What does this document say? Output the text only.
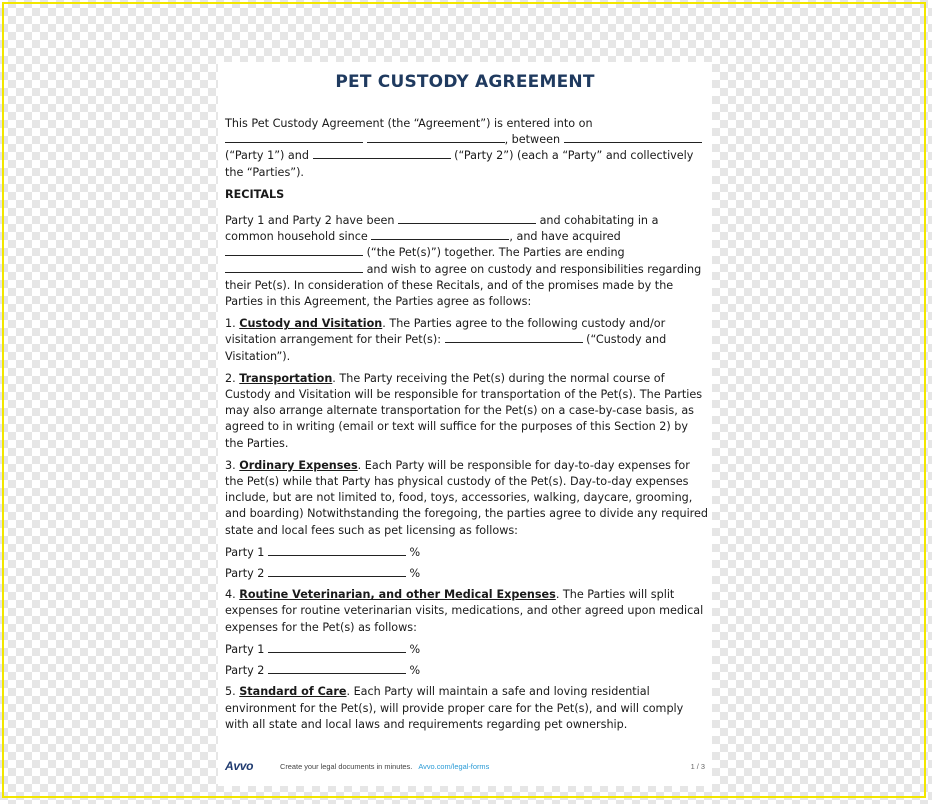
PET CUSTODY AGREEMENT

This Pet Custody Agreement (the “Agreement”) is entered into on  , between  (“Party 1”) and	(“Party 2”) (each a “Party” and collectively the “Parties”).

RECITALS

Party 1 and Party 2 have been	and cohabitating in a common household since	, and have acquired  (“the Pet(s)”) together. The Parties are ending  and wish to agree on custody and responsibilities regarding their Pet(s). In consideration of these Recitals, and of the promises made by the Parties in this Agreement, the Parties agree as follows:

1. Custody and Visitation. The Parties agree to the following custody and/or visitation arrangement for their Pet(s):	(“Custody and Visitation”).

2. Transportation. The Party receiving the Pet(s) during the normal course of Custody and Visitation will be responsible for transportation of the Pet(s). The Parties may also arrange alternate transportation for the Pet(s) on a case-by-case basis, as agreed to in writing (email or text will suffice for the purposes of this Section 2) by the Parties.

3. Ordinary Expenses. Each Party will be responsible for day-to-day expenses for the Pet(s) while that Party has physical custody of the Pet(s). Day-to-day expenses include, but are not limited to, food, toys, accessories, walking, daycare, grooming, and boarding) Notwithstanding the foregoing, the parties agree to divide any required state and local fees such as pet licensing as follows:

Party 1	%

Party 2	%

4. Routine Veterinarian, and other Medical Expenses. The Parties will split expenses for routine veterinarian visits, medications, and other agreed upon medical expenses for the Pet(s) as follows:

Party 1	%

Party 2	%

5. Standard of Care. Each Party will maintain a safe and loving residential environment for the Pet(s), will provide proper care for the Pet(s), and will comply with all state and local laws and requirements regarding pet ownership.

Avvo	Create your legal documents in minutes. Avvo.com/legal-forms	1 / 3
